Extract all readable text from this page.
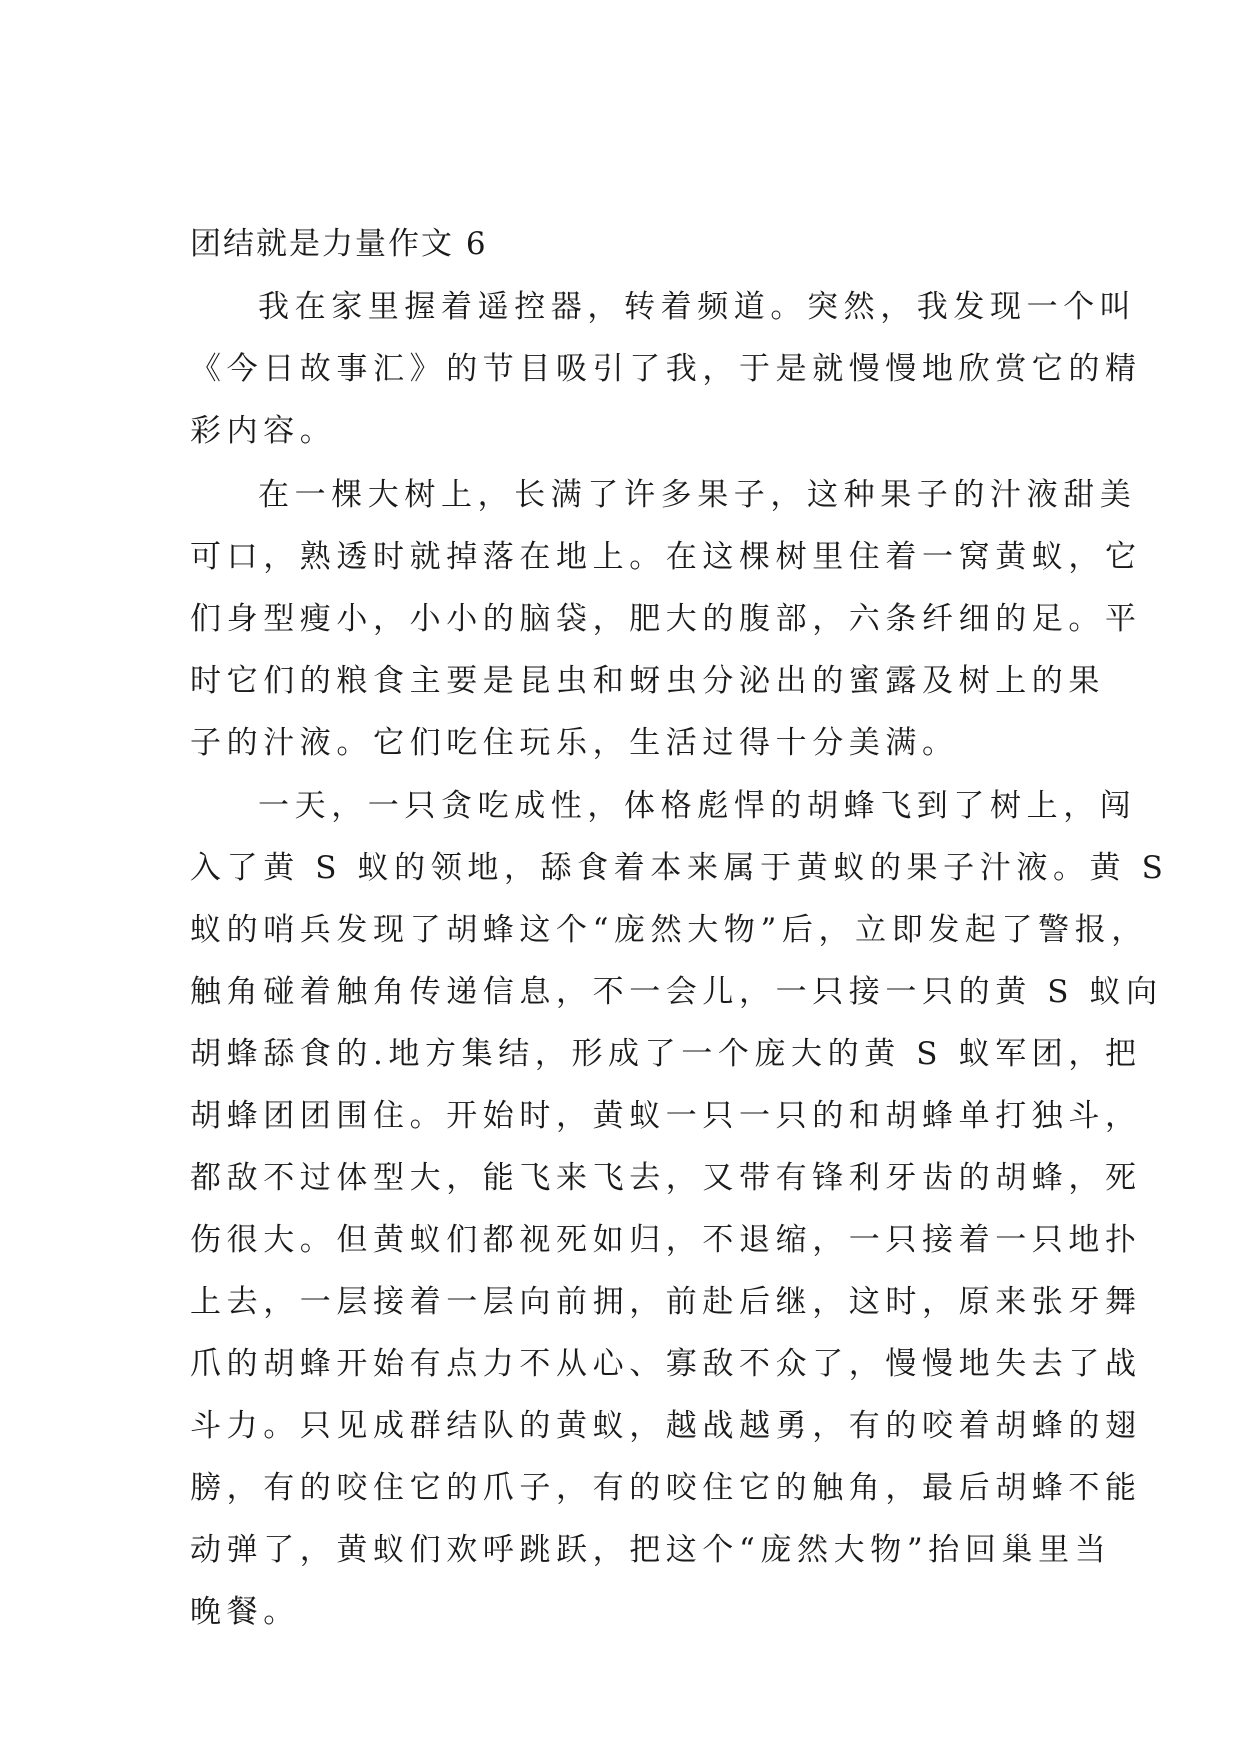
团结就是力量作文 6
我在家里握着遥控器，转着频道。突然，我发现一个叫
《今日故事汇》的节目吸引了我，于是就慢慢地欣赏它的精
彩内容。
在一棵大树上，长满了许多果子，这种果子的汁液甜美
可口，熟透时就掉落在地上。在这棵树里住着一窝黄蚁，它
们身型瘦小，小小的脑袋，肥大的腹部，六条纤细的足。平
时它们的粮食主要是昆虫和蚜虫分泌出的蜜露及树上的果
子的汁液。它们吃住玩乐，生活过得十分美满。
一天，一只贪吃成性，体格彪悍的胡蜂飞到了树上，闯
入了黄 S 蚁的领地，舔食着本来属于黄蚁的果子汁液。黄 S
蚁的哨兵发现了胡蜂这个“庞然大物”后，立即发起了警报，
触角碰着触角传递信息，不一会儿，一只接一只的黄 S 蚁向
胡蜂舔食的.地方集结，形成了一个庞大的黄 S 蚁军团，把
胡蜂团团围住。开始时，黄蚁一只一只的和胡蜂单打独斗，
都敌不过体型大，能飞来飞去，又带有锋利牙齿的胡蜂，死
伤很大。但黄蚁们都视死如归，不退缩，一只接着一只地扑
上去，一层接着一层向前拥，前赴后继，这时，原来张牙舞
爪的胡蜂开始有点力不从心、寡敌不众了，慢慢地失去了战
斗力。只见成群结队的黄蚁，越战越勇，有的咬着胡蜂的翅
膀，有的咬住它的爪子，有的咬住它的触角，最后胡蜂不能
动弹了，黄蚁们欢呼跳跃，把这个“庞然大物”抬回巢里当
晚餐。
